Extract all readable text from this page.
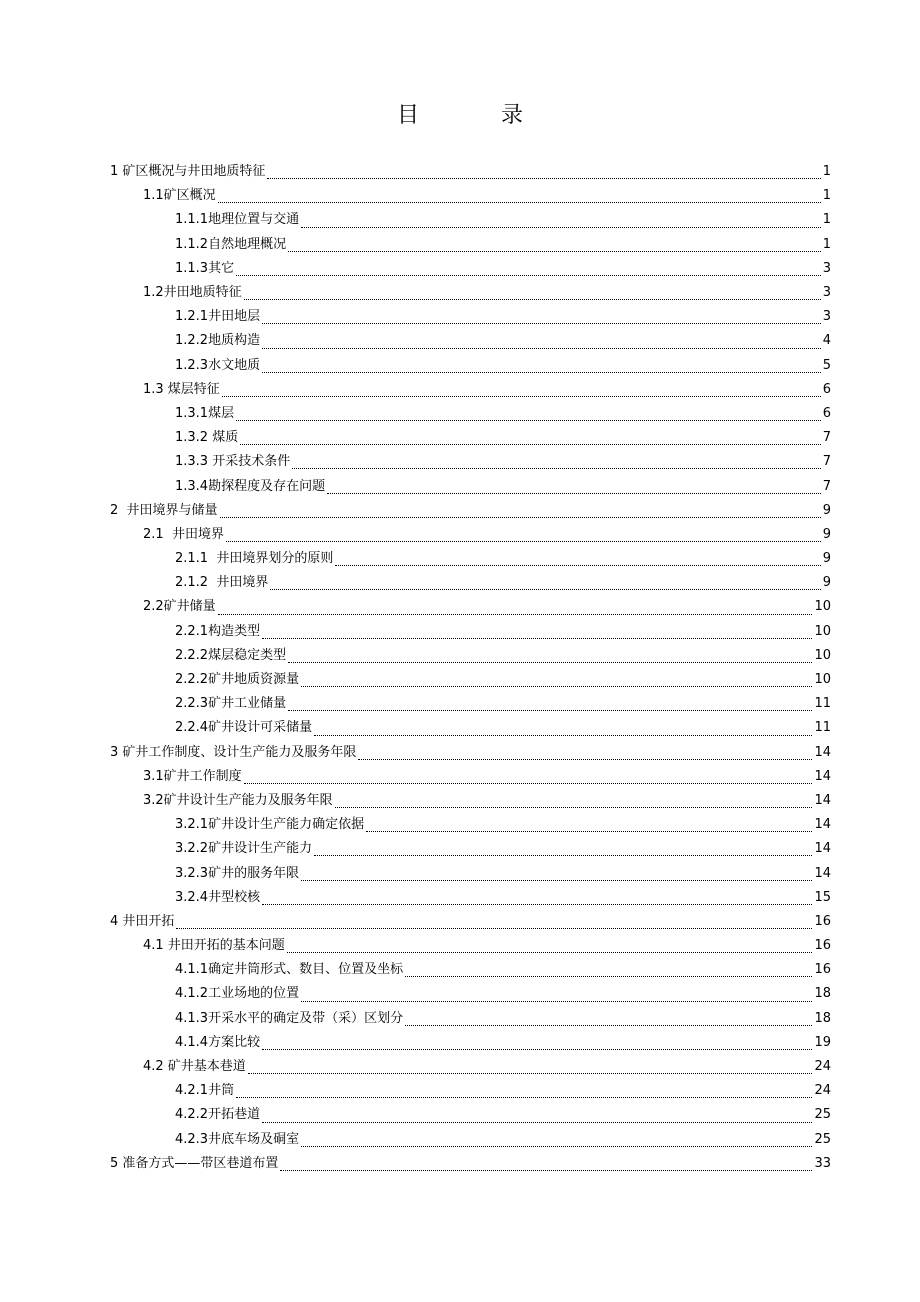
目　录
1 矿区概况与井田地质特征	1
1.1矿区概况	1
1.1.1地理位置与交通	1
1.1.2自然地理概况	1
1.1.3其它	3
1.2井田地质特征	3
1.2.1井田地层	3
1.2.2地质构造	4
1.2.3水文地质	5
1.3 煤层特征	6
1.3.1煤层	6
1.3.2 煤质	7
1.3.3 开采技术条件	7
1.3.4勘探程度及存在问题	7
2  井田境界与储量	9
2.1  井田境界	9
2.1.1  井田境界划分的原则	9
2.1.2  井田境界	9
2.2矿井储量	10
2.2.1构造类型	10
2.2.2煤层稳定类型	10
2.2.2矿井地质资源量	10
2.2.3矿井工业储量	11
2.2.4矿井设计可采储量	11
3 矿井工作制度、设计生产能力及服务年限	14
3.1矿井工作制度	14
3.2矿井设计生产能力及服务年限	14
3.2.1矿井设计生产能力确定依据	14
3.2.2矿井设计生产能力	14
3.2.3矿井的服务年限	14
3.2.4井型校核	15
4 井田开拓	16
4.1 井田开拓的基本问题	16
4.1.1确定井筒形式、数目、位置及坐标	16
4.1.2工业场地的位置	18
4.1.3开采水平的确定及带（采）区划分	18
4.1.4方案比较	19
4.2 矿井基本巷道	24
4.2.1井筒	24
4.2.2开拓巷道	25
4.2.3井底车场及硐室	25
5 准备方式——带区巷道布置	33
